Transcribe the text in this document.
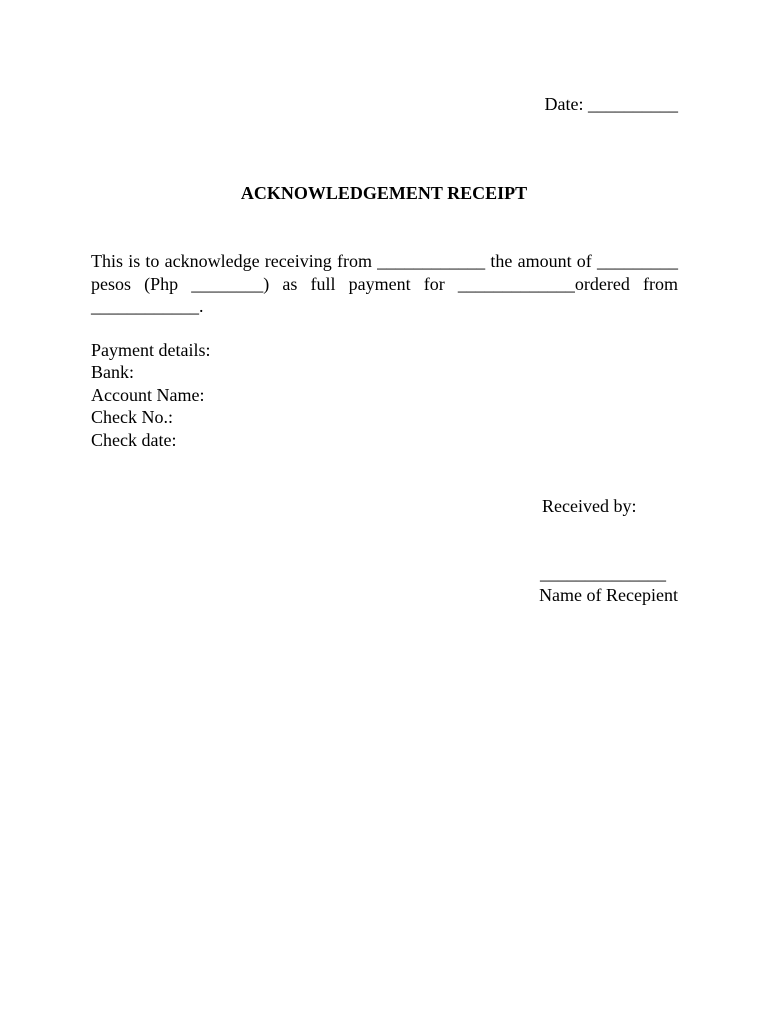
Date: __________
ACKNOWLEDGEMENT RECEIPT
This is to acknowledge receiving from ____________ the amount of _________ pesos (Php ________) as full payment for _____________ordered from ____________.
Payment details:
Bank:
Account Name:
Check No.:
Check date:
Received by:
______________
Name of Recepient
